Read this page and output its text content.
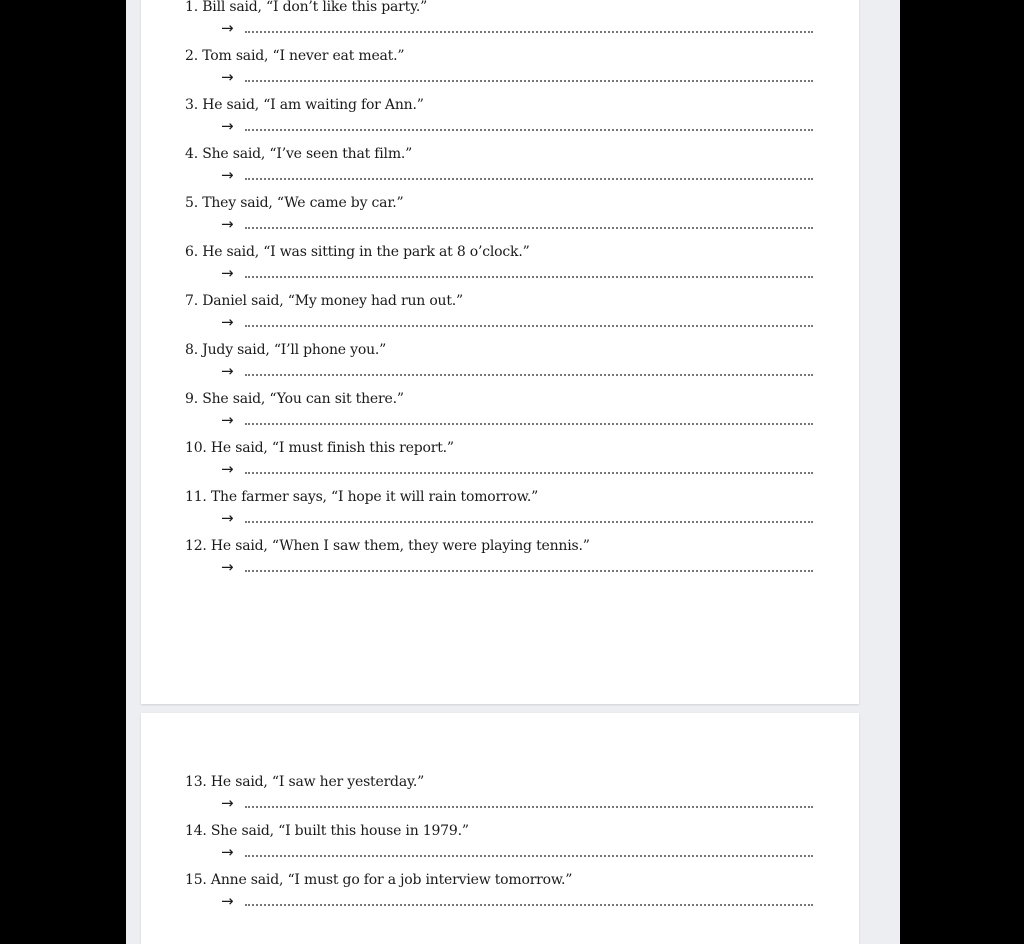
1. Bill said, “I don’t like this party.”
→
2. Tom said, “I never eat meat.”
→
3. He said, “I am waiting for Ann.”
→
4. She said, “I’ve seen that film.”
→
5. They said, “We came by car.”
→
6. He said, “I was sitting in the park at 8 o’clock.”
→
7. Daniel said, “My money had run out.”
→
8. Judy said, “I’ll phone you.”
→
9. She said, “You can sit there.”
→
10. He said, “I must finish this report.”
→
11. The farmer says, “I hope it will rain tomorrow.”
→
12. He said, “When I saw them, they were playing tennis.”
→
13. He said, “I saw her yesterday.”
→
14. She said, “I built this house in 1979.”
→
15. Anne said, “I must go for a job interview tomorrow.”
→
